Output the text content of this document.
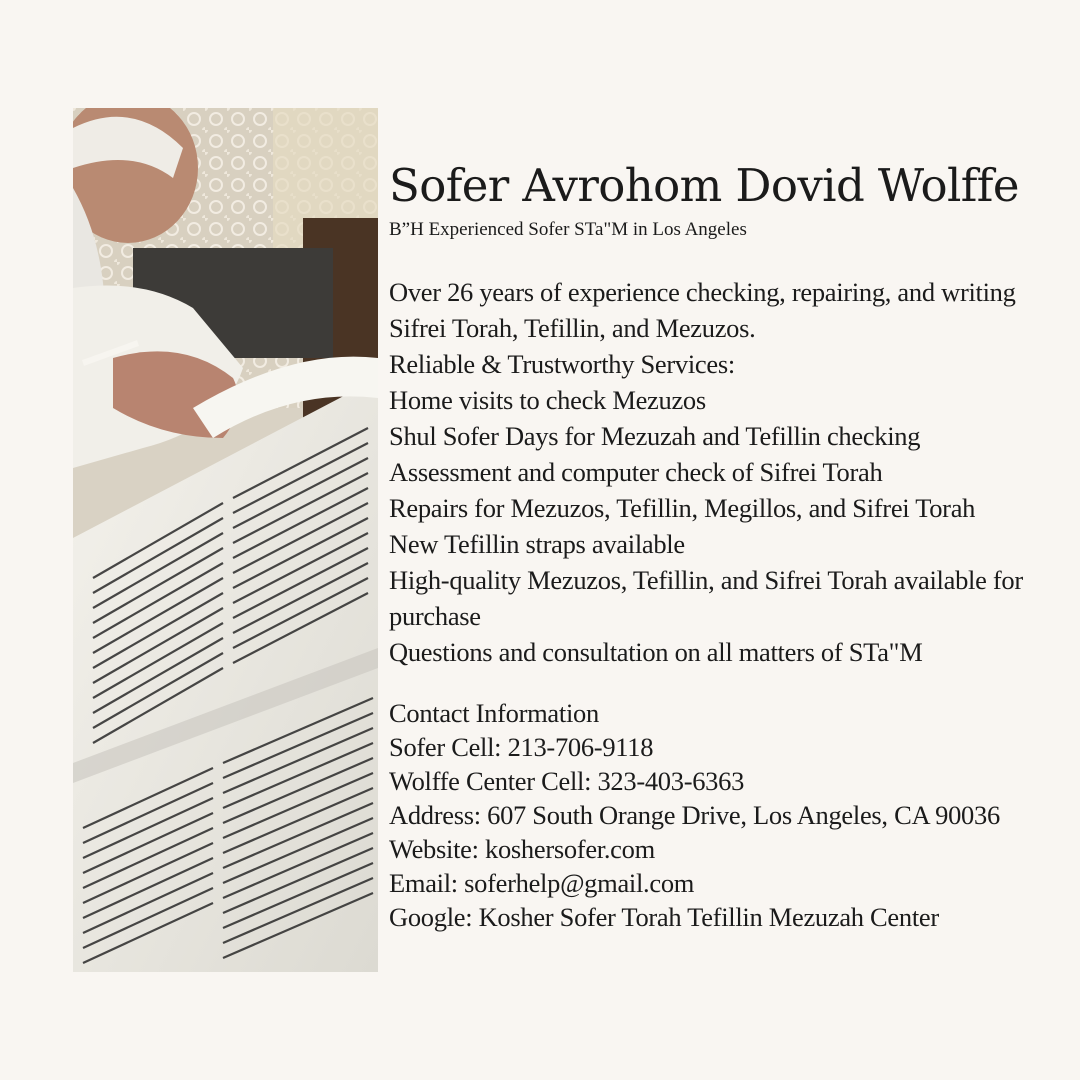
Sofer Avrohom Dovid Wolffe

B”H Experienced Sofer STa"M in Los Angeles

Over 26 years of experience checking, repairing, and writing
Sifrei Torah, Tefillin, and Mezuzos.
Reliable & Trustworthy Services:
Home visits to check Mezuzos
Shul Sofer Days for Mezuzah and Tefillin checking
Assessment and computer check of Sifrei Torah
Repairs for Mezuzos, Tefillin, Megillos, and Sifrei Torah
New Tefillin straps available
High-quality Mezuzos, Tefillin, and Sifrei Torah available for purchase
Questions and consultation on all matters of STa"M
Contact Information
Sofer Cell: 213-706-9118
Wolffe Center Cell: 323-403-6363
Address: 607 South Orange Drive, Los Angeles, CA 90036
Website: koshersofer.com
Email: soferhelp@gmail.com
Google: Kosher Sofer Torah Tefillin Mezuzah Center
